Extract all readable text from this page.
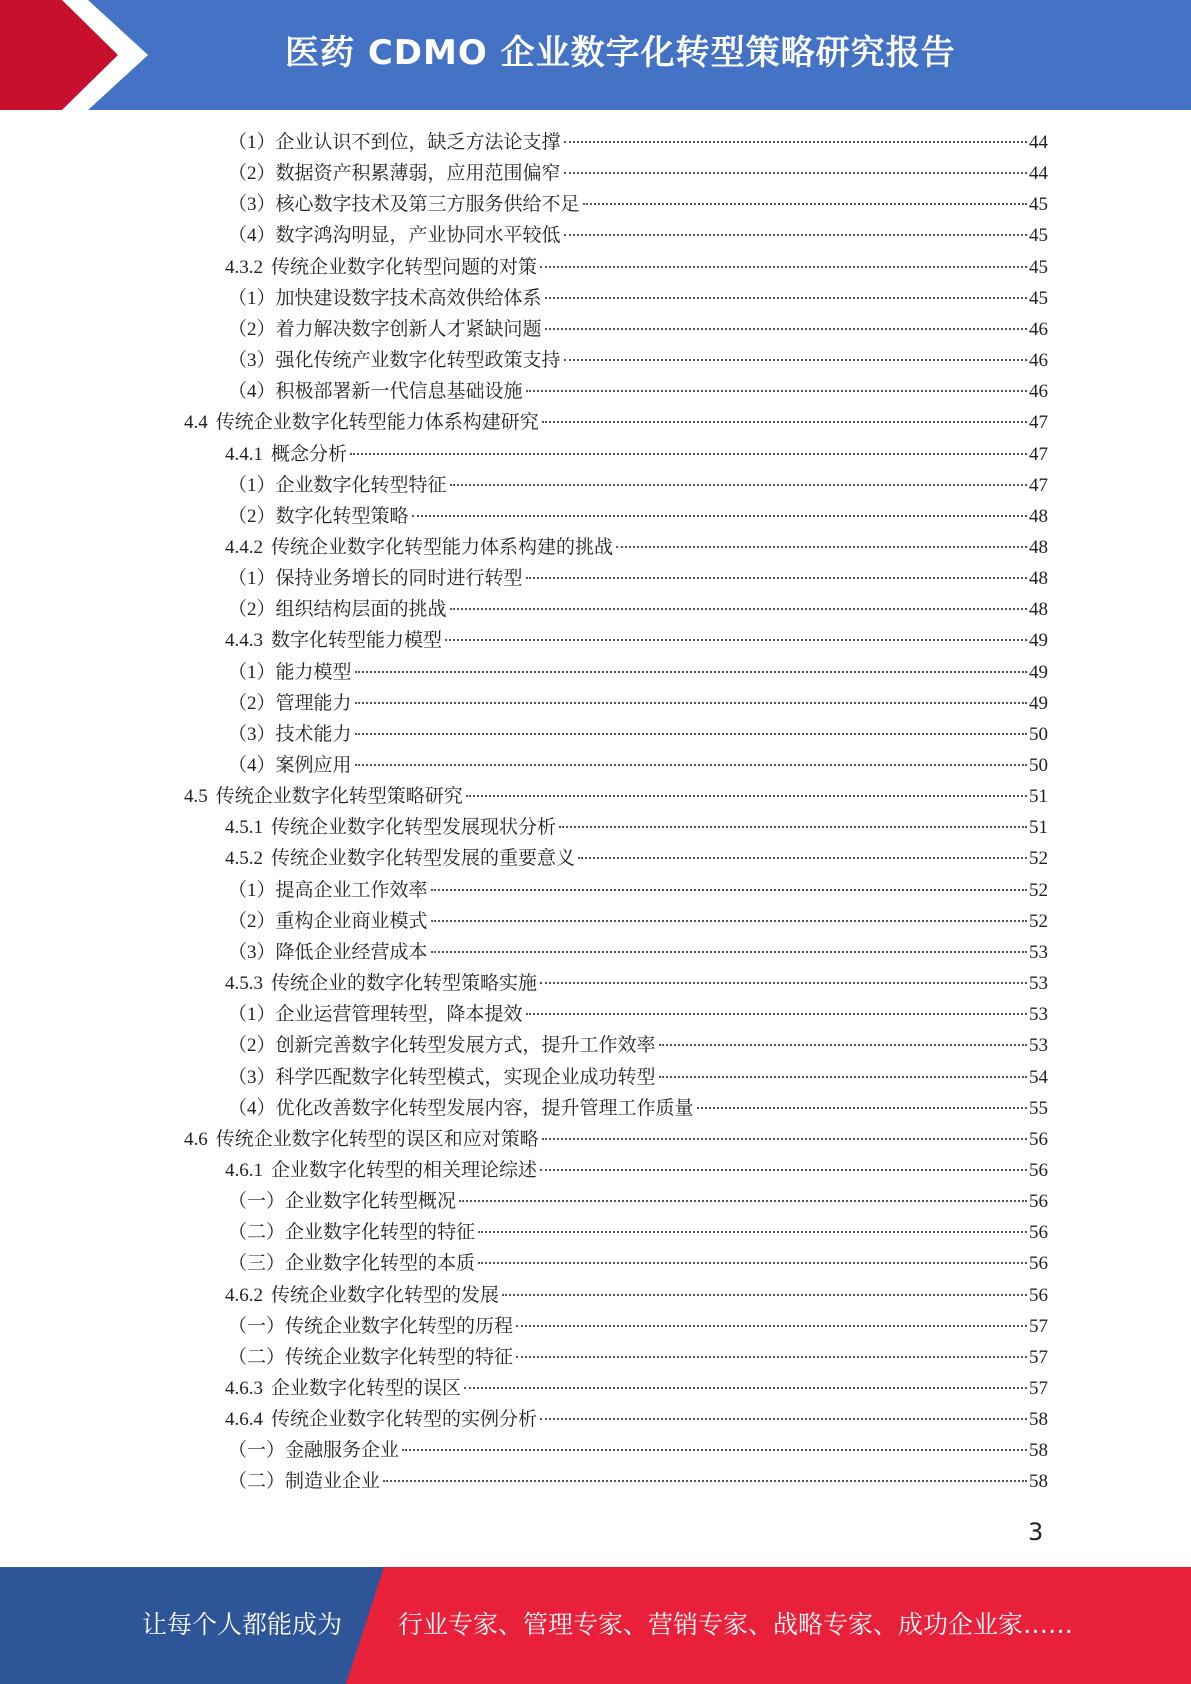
医药 CDMO 企业数字化转型策略研究报告
（1）企业认识不到位，缺乏方法论支撑	44
（2）数据资产积累薄弱，应用范围偏窄	44
（3）核心数字技术及第三方服务供给不足	45
（4）数字鸿沟明显，产业协同水平较低	45
4.3.2 传统企业数字化转型问题的对策	45
（1）加快建设数字技术高效供给体系	45
（2）着力解决数字创新人才紧缺问题	46
（3）强化传统产业数字化转型政策支持	46
（4）积极部署新一代信息基础设施	46
4.4 传统企业数字化转型能力体系构建研究	47
4.4.1 概念分析	47
（1）企业数字化转型特征	47
（2）数字化转型策略	48
4.4.2 传统企业数字化转型能力体系构建的挑战	48
（1）保持业务增长的同时进行转型	48
（2）组织结构层面的挑战	48
4.4.3 数字化转型能力模型	49
（1）能力模型	49
（2）管理能力	49
（3）技术能力	50
（4）案例应用	50
4.5 传统企业数字化转型策略研究	51
4.5.1 传统企业数字化转型发展现状分析	51
4.5.2 传统企业数字化转型发展的重要意义	52
（1）提高企业工作效率	52
（2）重构企业商业模式	52
（3）降低企业经营成本	53
4.5.3 传统企业的数字化转型策略实施	53
（1）企业运营管理转型，降本提效	53
（2）创新完善数字化转型发展方式，提升工作效率	53
（3）科学匹配数字化转型模式，实现企业成功转型	54
（4）优化改善数字化转型发展内容，提升管理工作质量	55
4.6 传统企业数字化转型的误区和应对策略	56
4.6.1 企业数字化转型的相关理论综述	56
（一）企业数字化转型概况	56
（二）企业数字化转型的特征	56
（三）企业数字化转型的本质	56
4.6.2 传统企业数字化转型的发展	56
（一）传统企业数字化转型的历程	57
（二）传统企业数字化转型的特征	57
4.6.3 企业数字化转型的误区	57
4.6.4 传统企业数字化转型的实例分析	58
（一）金融服务企业	58
（二）制造业企业	58
3
让每个人都能成为 行业专家、管理专家、营销专家、战略专家、成功企业家……
